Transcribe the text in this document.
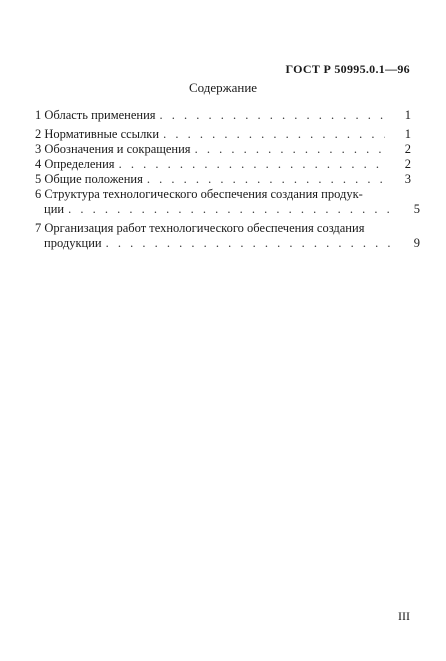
ГОСТ Р 50995.0.1—96
Содержание
1 Область применения . . .	1
2 Нормативные ссылки . . .	1
3 Обозначения и сокращения . . .	2
4 Определения . . .	2
5 Общие положения . . .	3
6 Структура технологического обеспечения создания продук-
ции . . .	5
7 Организация работ технологического обеспечения создания
продукции . . .	9
III
